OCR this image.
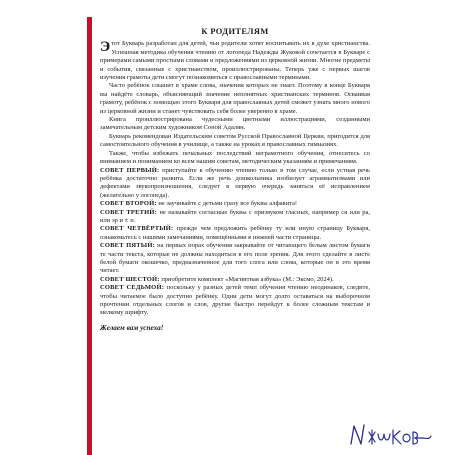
К РОДИТЕЛЯМ

Этот Букварь разработан для детей, чьи родители хотят воспитывать их в духе христианства. Успешная методика обучения чтению от логопеда Надежды Жуковой сочетается в Букваре с примерами самыми простыми словами и предложениями из церковной жизни. Многие предметы и события, связанные с христианством, проиллюстрированы. Теперь уже с первых шагов изучения грамоты дети смогут познакомиться с православными терминами.

Часто ребёнок слышит в храме слова, значения которых не знает. Поэтому в конце Букваря вы найдёте словарь, объясняющий значение непонятных христианских терминов. Осваивая грамоту, ребёнок с помощью этого Букваря для православных детей сможет узнать много нового из церковной жизни и станет чувствовать себя более уверенно в храме.

Книга проиллюстрирована чудесными цветными иллюстрациями, созданными замечательным детским художником Соной Адалян.

Букварь рекомендован Издательским советом Русской Православной Церкви, пригодится для самостоятельного обучения в училище, а также на уроках в православных гимназиях.

Также, чтобы избежать печальных последствий неграмотного обучения, отнеситесь со вниманием и пониманием ко всем нашим советам, методическим указаниям и примечаниям.

СОВЕТ ПЕРВЫЙ: приступайте к обучению чтению только в том случае, если устная речь ребёнка достаточно развита. Если же речь дошкольника изобилует аграмматизмами или дефектами звукопроизношения, следует в первую очередь заняться её исправлением (желательно у логопеда).

СОВЕТ ВТОРОЙ: не заучивайте с детьми сразу все буквы алфавита!

СОВЕТ ТРЕТИЙ: не называйте согласные буквы с призвуком гласных, например ся или ра, или эр и т. п.

СОВЕТ ЧЕТВЁРТЫЙ: прежде чем предложить ребёнку ту или иную страницу Букваря, ознакомьтесь с нашими замечаниями, помещёнными в нижней части страницы.

СОВЕТ ПЯТЫЙ: на первых порах обучения закрывайте от читающего белым листом бумаги те части текста, которые не должны находиться в его поле зрения. Для этого сделайте в листе белой бумаги окошечко, предназначенное для того слога или слова, которые он в это время читает.

СОВЕТ ШЕСТОЙ: приобретите комплект «Магнитная азбука» (М.: Эксмо, 2024).

СОВЕТ СЕДЬМОЙ: поскольку у разных детей темп обучения чтению неодинаков, следите, чтобы читаемое было доступно ребёнку. Одни дети могут долго оставаться на выборочном прочтении отдельных слогов и слов, другие быстро перейдут к более сложным текстам и мелкому шрифту.

Желаем вам успеха!
